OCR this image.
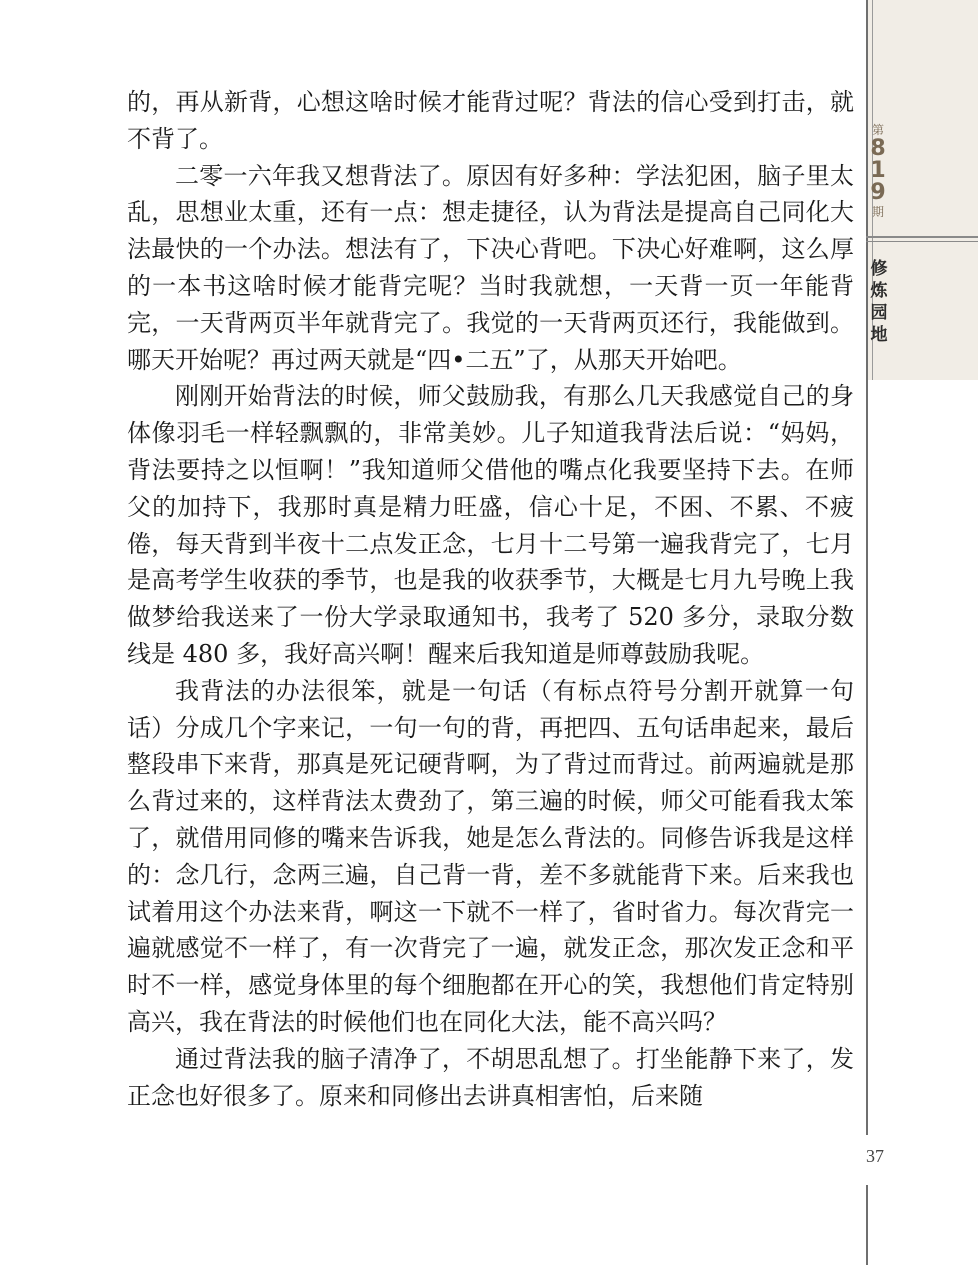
的，再从新背，心想这啥时候才能背过呢？背法的信心受到打击，就不背了。

二零一六年我又想背法了。原因有好多种：学法犯困，脑子里太乱，思想业太重，还有一点：想走捷径，认为背法是提高自己同化大法最快的一个办法。想法有了，下决心背吧。下决心好难啊，这么厚的一本书这啥时候才能背完呢？当时我就想，一天背一页一年能背完，一天背两页半年就背完了。我觉的一天背两页还行，我能做到。哪天开始呢？再过两天就是“四•二五”了，从那天开始吧。

刚刚开始背法的时候，师父鼓励我，有那么几天我感觉自己的身体像羽毛一样轻飘飘的，非常美妙。儿子知道我背法后说：“妈妈，背法要持之以恒啊！”我知道师父借他的嘴点化我要坚持下去。在师父的加持下，我那时真是精力旺盛，信心十足，不困、不累、不疲倦，每天背到半夜十二点发正念，七月十二号第一遍我背完了，七月是高考学生收获的季节，也是我的收获季节，大概是七月九号晚上我做梦给我送来了一份大学录取通知书，我考了 520 多分，录取分数线是 480 多，我好高兴啊！醒来后我知道是师尊鼓励我呢。

我背法的办法很笨，就是一句话（有标点符号分割开就算一句话）分成几个字来记，一句一句的背，再把四、五句话串起来，最后整段串下来背，那真是死记硬背啊，为了背过而背过。前两遍就是那么背过来的，这样背法太费劲了，第三遍的时候，师父可能看我太笨了，就借用同修的嘴来告诉我，她是怎么背法的。同修告诉我是这样的：念几行，念两三遍，自己背一背，差不多就能背下来。后来我也试着用这个办法来背，啊这一下就不一样了，省时省力。每次背完一遍就感觉不一样了，有一次背完了一遍，就发正念，那次发正念和平时不一样，感觉身体里的每个细胞都在开心的笑，我想他们肯定特别高兴，我在背法的时候他们也在同化大法，能不高兴吗？

通过背法我的脑子清净了，不胡思乱想了。打坐能静下来了，发正念也好很多了。原来和同修出去讲真相害怕，后来随

第
8
1
9
期
修
炼
园
地
37
